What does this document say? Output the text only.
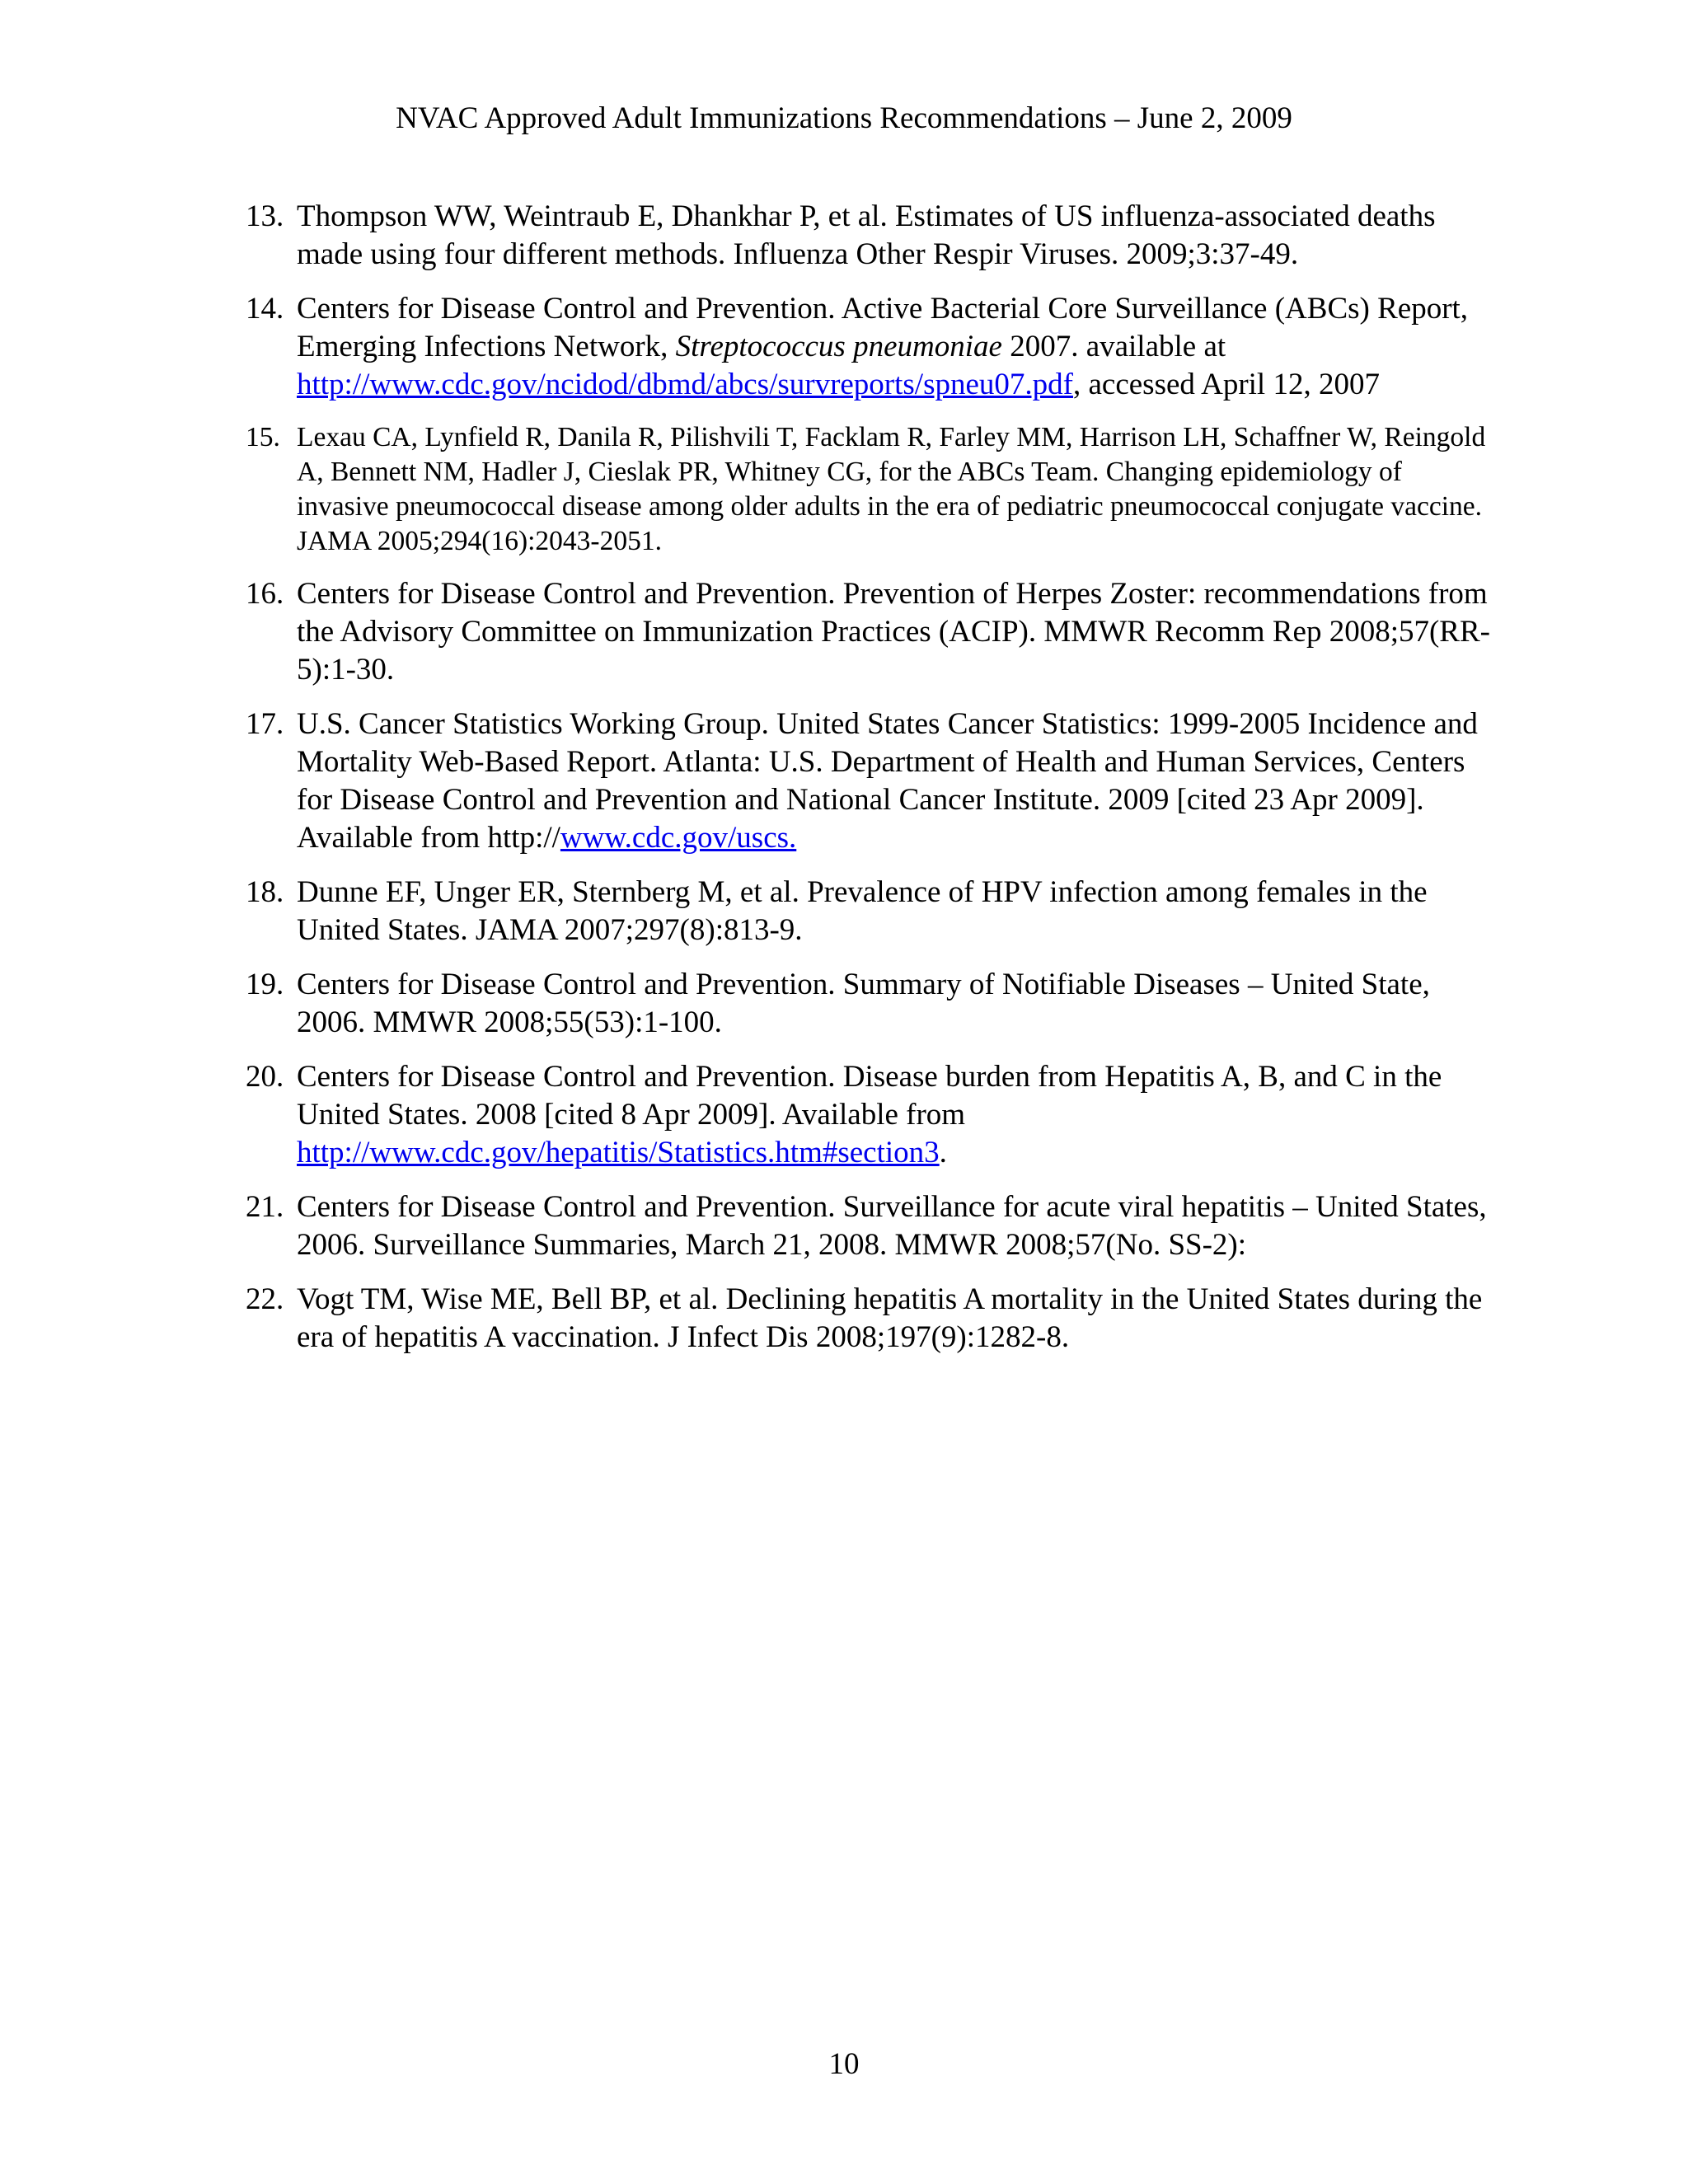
NVAC Approved Adult Immunizations Recommendations – June 2, 2009
13. Thompson WW, Weintraub E, Dhankhar P, et al. Estimates of US influenza-associated deaths made using four different methods. Influenza Other Respir Viruses. 2009;3:37-49.
14. Centers for Disease Control and Prevention. Active Bacterial Core Surveillance (ABCs) Report, Emerging Infections Network, Streptococcus pneumoniae 2007. available at http://www.cdc.gov/ncidod/dbmd/abcs/survreports/spneu07.pdf, accessed April 12, 2007
15. Lexau CA, Lynfield R, Danila R, Pilishvili T, Facklam R, Farley MM, Harrison LH, Schaffner W, Reingold A, Bennett NM, Hadler J, Cieslak PR, Whitney CG, for the ABCs Team. Changing epidemiology of invasive pneumococcal disease among older adults in the era of pediatric pneumococcal conjugate vaccine. JAMA 2005;294(16):2043-2051.
16. Centers for Disease Control and Prevention. Prevention of Herpes Zoster: recommendations from the Advisory Committee on Immunization Practices (ACIP). MMWR Recomm Rep 2008;57(RR-5):1-30.
17. U.S. Cancer Statistics Working Group. United States Cancer Statistics: 1999-2005 Incidence and Mortality Web-Based Report. Atlanta: U.S. Department of Health and Human Services, Centers for Disease Control and Prevention and National Cancer Institute. 2009 [cited 23 Apr 2009]. Available from http://www.cdc.gov/uscs.
18. Dunne EF, Unger ER, Sternberg M, et al. Prevalence of HPV infection among females in the United States. JAMA 2007;297(8):813-9.
19. Centers for Disease Control and Prevention. Summary of Notifiable Diseases – United State, 2006. MMWR 2008;55(53):1-100.
20. Centers for Disease Control and Prevention. Disease burden from Hepatitis A, B, and C in the United States. 2008 [cited 8 Apr 2009]. Available from http://www.cdc.gov/hepatitis/Statistics.htm#section3.
21. Centers for Disease Control and Prevention. Surveillance for acute viral hepatitis – United States, 2006. Surveillance Summaries, March 21, 2008. MMWR 2008;57(No. SS-2):
22. Vogt TM, Wise ME, Bell BP, et al. Declining hepatitis A mortality in the United States during the era of hepatitis A vaccination. J Infect Dis 2008;197(9):1282-8.
10
